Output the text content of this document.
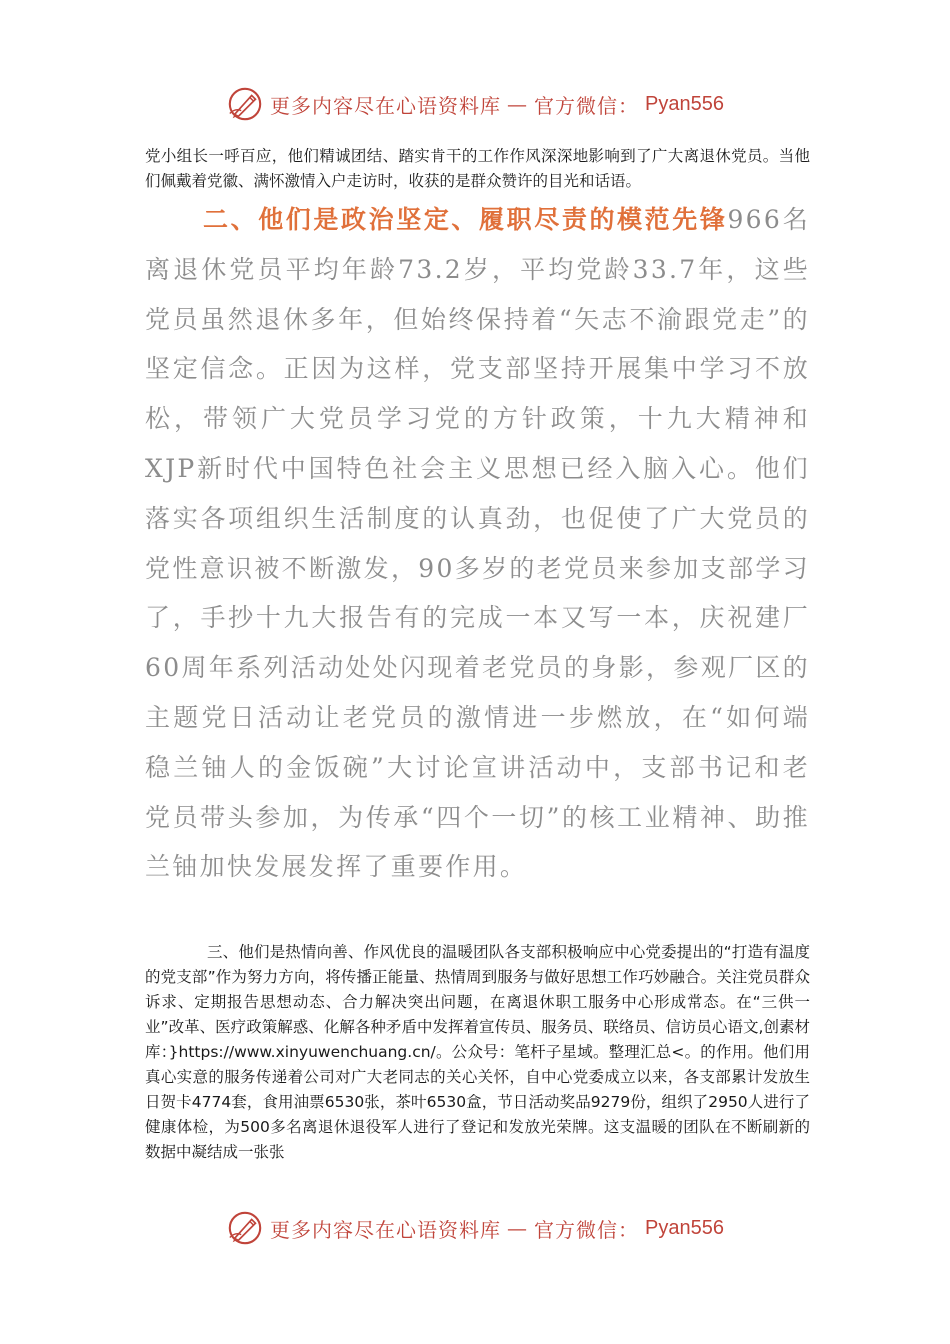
更多内容尽在心语资料库 — 官方微信： Pyan556

党小组长一呼百应，他们精诚团结、踏实肯干的工作作风深深地影响到了广大离退休党员。当他们佩戴着党徽、满怀激情入户走访时，收获的是群众赞许的目光和话语。

二、他们是政治坚定、履职尽责的模范先锋966名离退休党员平均年龄73.2岁，平均党龄33.7年，这些党员虽然退休多年，但始终保持着“矢志不渝跟党走”的坚定信念。正因为这样，党支部坚持开展集中学习不放松，带领广大党员学习党的方针政策，十九大精神和XJP新时代中国特色社会主义思想已经入脑入心。他们落实各项组织生活制度的认真劲，也促使了广大党员的党性意识被不断激发，90多岁的老党员来参加支部学习了，手抄十九大报告有的完成一本又写一本，庆祝建厂60周年系列活动处处闪现着老党员的身影，参观厂区的主题党日活动让老党员的激情进一步燃放，在“如何端稳兰铀人的金饭碗”大讨论宣讲活动中，支部书记和老党员带头参加，为传承“四个一切”的核工业精神、助推兰铀加快发展发挥了重要作用。

三、他们是热情向善、作风优良的温暖团队各支部积极响应中心党委提出的“打造有温度的党支部”作为努力方向，将传播正能量、热情周到服务与做好思想工作巧妙融合。关注党员群众诉求、定期报告思想动态、合力解决突出问题，在离退休职工服务中心形成常态。在“三供一业”改革、医疗政策解惑、化解各种矛盾中发挥着宣传员、服务员、联络员、信访员心语文,创素材库：}https://www.xinyuwenchuang.cn/。公众号：笔杆子星域。整理汇总<。的作用。他们用真心实意的服务传递着公司对广大老同志的关心关怀，自中心党委成立以来，各支部累计发放生日贺卡4774套，食用油票6530张，茶叶6530盒，节日活动奖品9279份，组织了2950人进行了健康体检，为500多名离退休退役军人进行了登记和发放光荣牌。这支温暖的团队在不断刷新的数据中凝结成一张张

更多内容尽在心语资料库 — 官方微信： Pyan556
